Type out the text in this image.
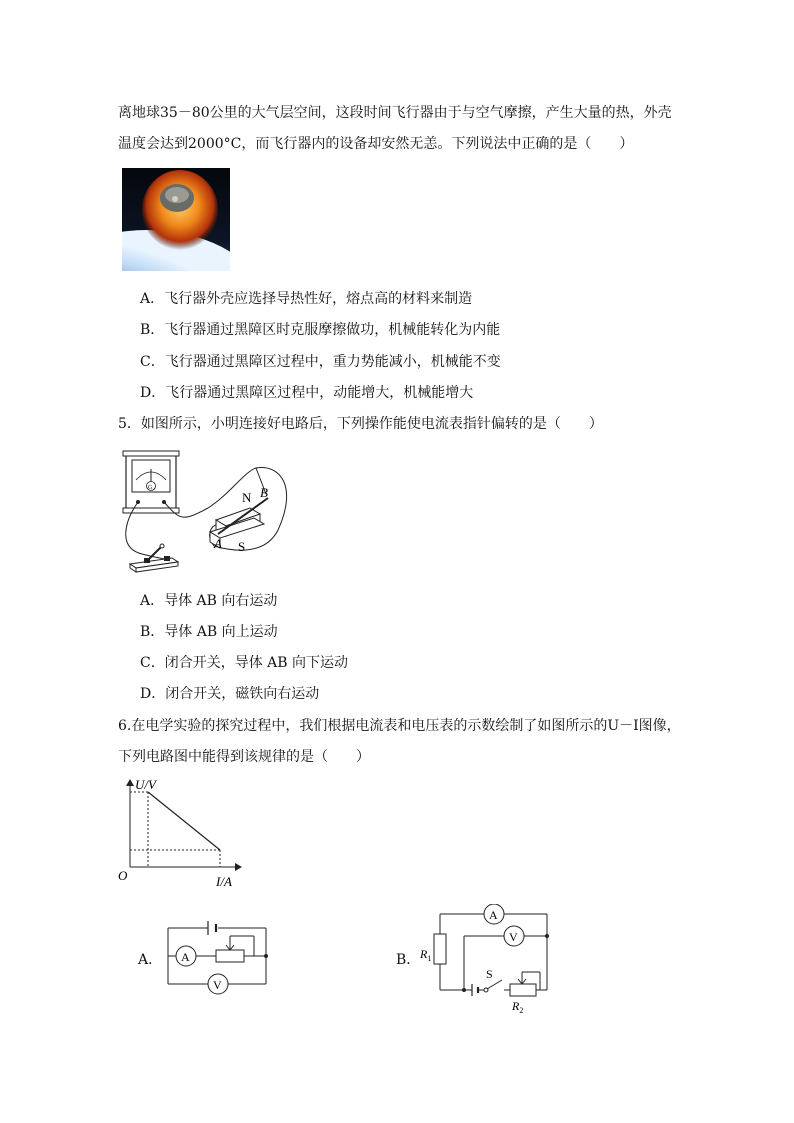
离地球35－80公里的大气层空间，这段时间飞行器由于与空气摩擦，产生大量的热，外壳
温度会达到2000°C，而飞行器内的设备却安然无恙。下列说法中正确的是（　　）
A．飞行器外壳应选择导热性好，熔点高的材料来制造
B．飞行器通过黑障区时克服摩擦做功，机械能转化为内能
C．飞行器通过黑障区过程中，重力势能减小，机械能不变
D．飞行器通过黑障区过程中，动能增大，机械能增大
5．如图所示，小明连接好电路后，下列操作能使电流表指针偏转的是（　　）
G
N
S
A
B
A．导体 AB 向右运动
B．导体 AB 向上运动
C．闭合开关，导体 AB 向下运动
D．闭合开关，磁铁向右运动
6.在电学实验的探究过程中，我们根据电流表和电压表的示数绘制了如图所示的U－I图像，
下列电路图中能得到该规律的是（　　）
U/V
I/A
O
A． A
V
B．
A
$R_1$
V
S
$R_2$
